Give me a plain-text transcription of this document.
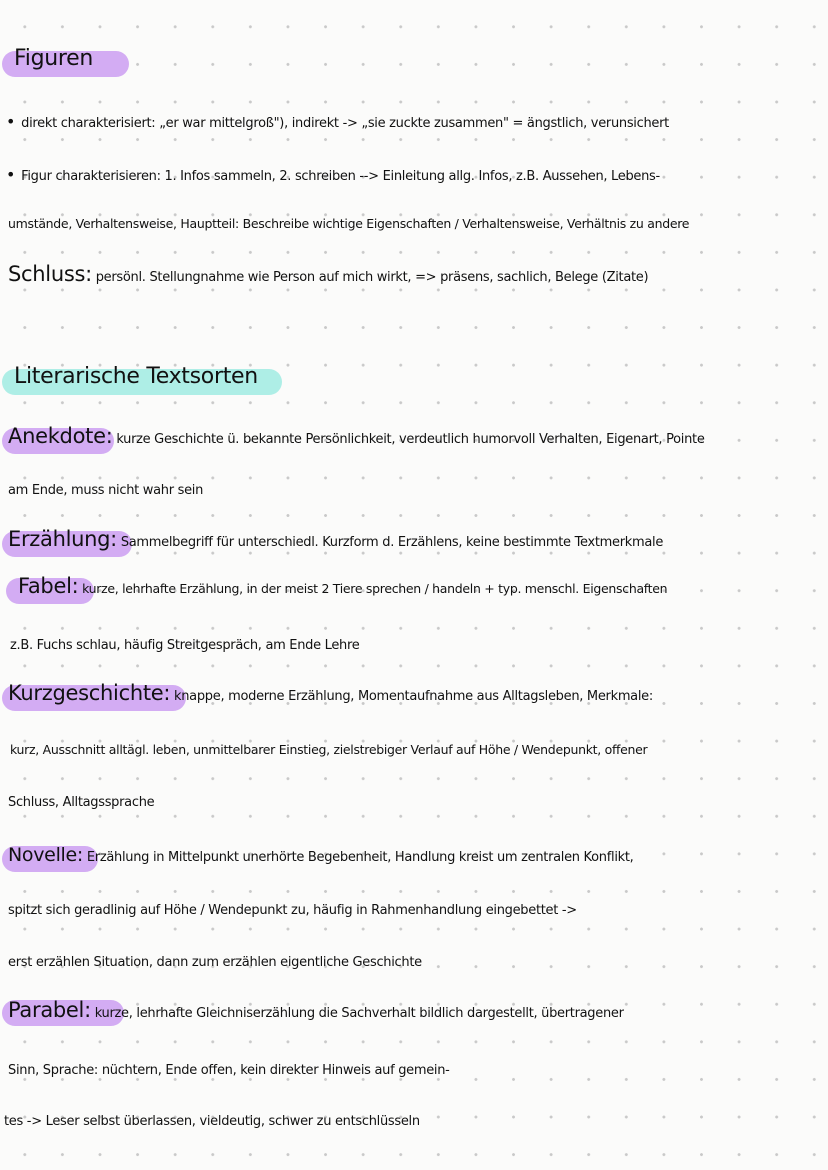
Figuren
• direkt charakterisiert: „er war mittelgroß"), indirekt -> „sie zuckte zusammen" = ängstlich, verunsichert
• Figur charakterisieren: 1. Infos sammeln, 2. schreiben --> Einleitung allg. Infos, z.B. Aussehen, Lebens-
umstände, Verhaltensweise, Hauptteil: Beschreibe wichtige Eigenschaften / Verhaltensweise, Verhältnis zu andere
Schluss: persönl. Stellungnahme wie Person auf mich wirkt, => präsens, sachlich, Belege (Zitate)
Literarische Textsorten
Anekdote: kurze Geschichte ü. bekannte Persönlichkeit, verdeutlich humorvoll Verhalten, Eigenart, Pointe
am Ende, muss nicht wahr sein
Erzählung: Sammelbegriff für unterschiedl. Kurzform d. Erzählens, keine bestimmte Textmerkmale
Fabel: kurze, lehrhafte Erzählung, in der meist 2 Tiere sprechen / handeln + typ. menschl. Eigenschaften
z.B. Fuchs schlau, häufig Streitgespräch, am Ende Lehre
Kurzgeschichte: knappe, moderne Erzählung, Momentaufnahme aus Alltagsleben, Merkmale:
kurz, Ausschnitt alltägl. leben, unmittelbarer Einstieg, zielstrebiger Verlauf auf Höhe / Wendepunkt, offener
Schluss, Alltagssprache
Novelle: Erzählung in Mittelpunkt unerhörte Begebenheit, Handlung kreist um zentralen Konflikt,
spitzt sich geradlinig auf Höhe / Wendepunkt zu, häufig in Rahmenhandlung eingebettet ->
erst erzählen Situation, dann zum erzählen eigentliche Geschichte
Parabel: kurze, lehrhafte Gleichniserzählung die Sachverhalt bildlich dargestellt, übertragener
Sinn, Sprache: nüchtern, Ende offen, kein direkter Hinweis auf gemein-
tes -> Leser selbst überlassen, vieldeutig, schwer zu entschlüsseln
